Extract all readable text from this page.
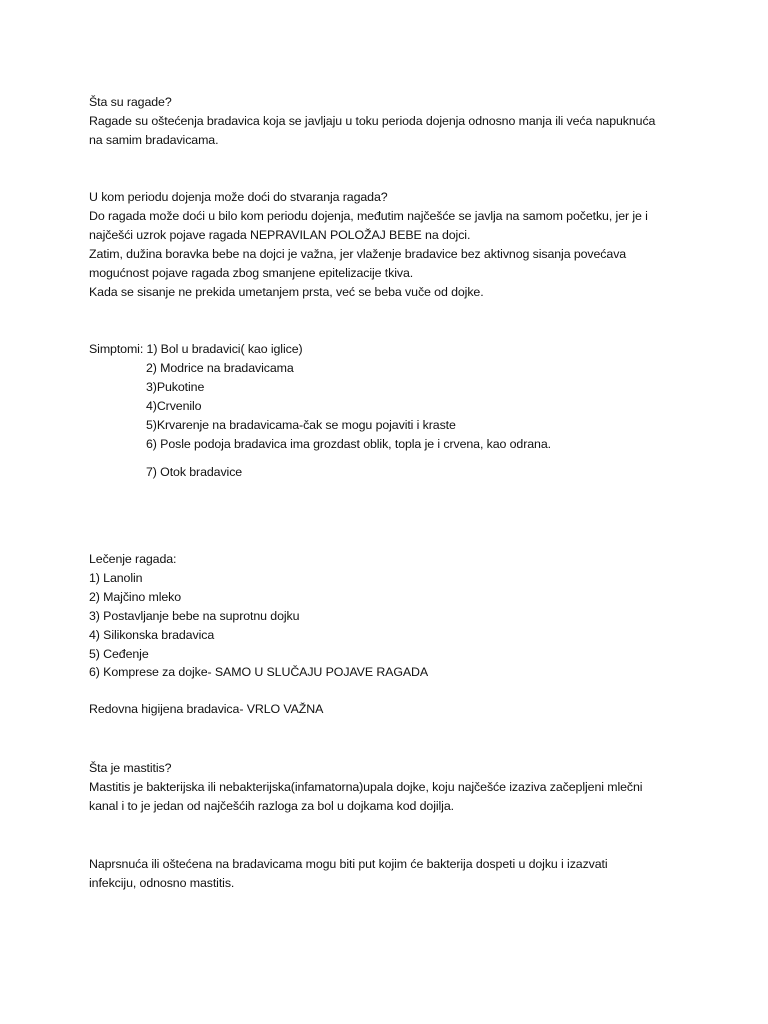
Šta su ragade?
Ragade su oštećenja bradavica koja se javljaju u toku perioda dojenja odnosno manja ili veća napuknuća
na samim bradavicama.
U kom periodu dojenja može doći do stvaranja ragada?
Do ragada može doći u bilo kom periodu dojenja, međutim najčešće se javlja na samom početku, jer je i
najčešći uzrok pojave ragada NEPRAVILAN POLOŽAJ BEBE na dojci.
Zatim, dužina boravka bebe na dojci je važna, jer vlaženje bradavice bez aktivnog sisanja povećava
mogućnost pojave ragada zbog smanjene epitelizacije tkiva.
Kada se sisanje ne prekida umetanjem prsta, već se beba vuče od dojke.
Simptomi: 1) Bol u bradavici( kao iglice)
2) Modrice na bradavicama
3)Pukotine
4)Crvenilo
5)Krvarenje na bradavicama-čak se mogu pojaviti i kraste
6) Posle podoja bradavica ima grozdast oblik, topla je i crvena, kao odrana.
7) Otok bradavice
Lečenje ragada:
1) Lanolin
2) Majčino mleko
3) Postavljanje bebe na suprotnu dojku
4) Silikonska bradavica
5) Ceđenje
6) Komprese za dojke- SAMO U SLUČAJU POJAVE RAGADA
Redovna higijena bradavica- VRLO VAŽNA
Šta je mastitis?
Mastitis je bakterijska ili nebakterijska(infamatorna)upala dojke, koju najčešće izaziva začepljeni mlečni
kanal i to je jedan od najčešćih razloga za bol u dojkama kod dojilja.
Naprsnuća ili oštećena na bradavicama mogu biti put kojim će bakterija dospeti u dojku i izazvati
infekciju, odnosno mastitis.
